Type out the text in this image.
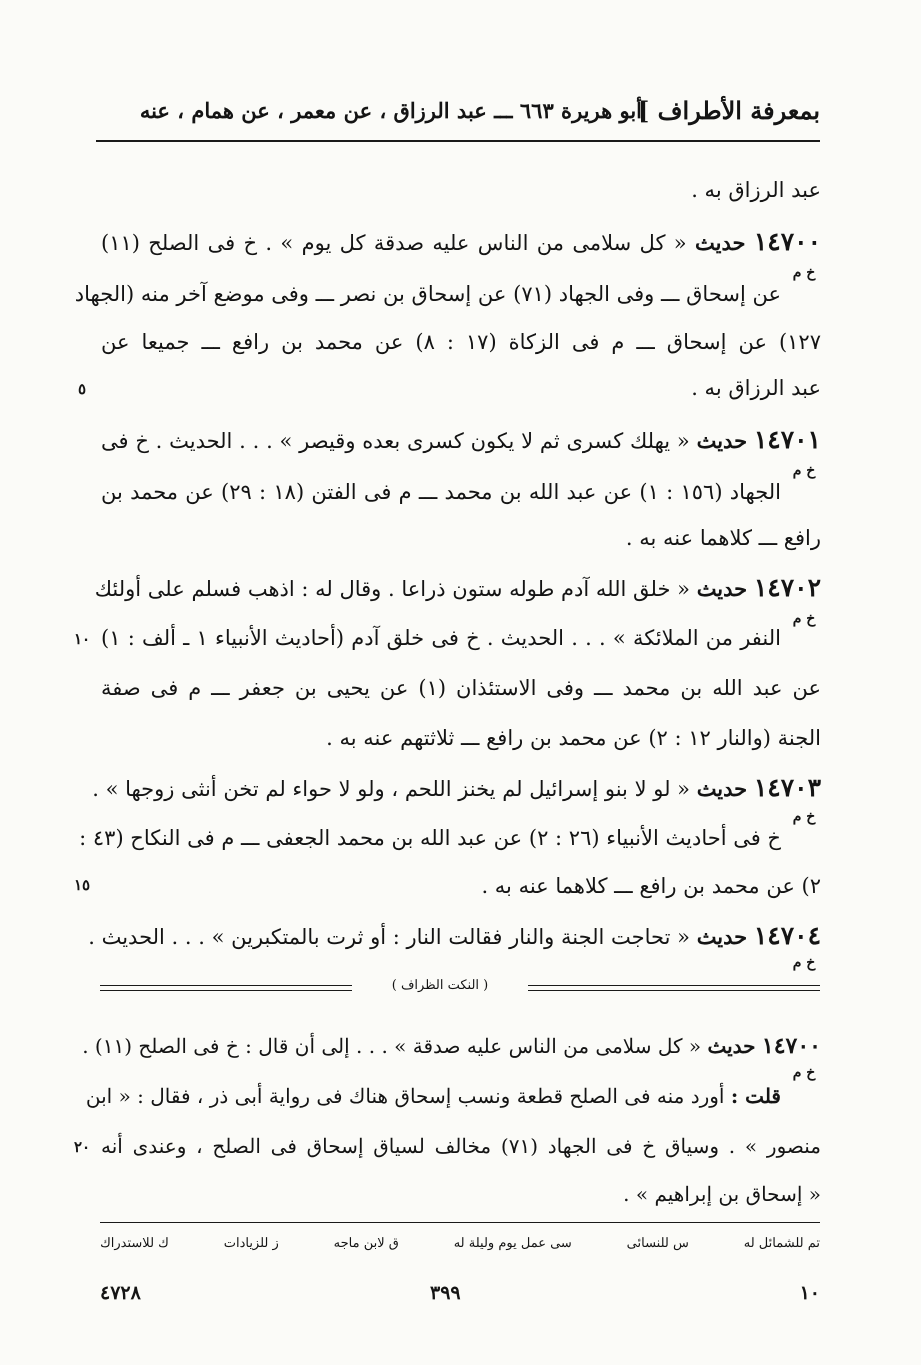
بمعرفة الأطراف ]
أبو هريرة ٦٦٣ ـــ عبد الرزاق ، عن معمر ، عن همام ، عنه
عبد الرزاق به .
١٤٧٠٠ حديث « كل سلامى من الناس عليه صدقة كل يوم » . خ فى الصلح (١١)
خ م
عن إسحاق ـــ وفى الجهاد (٧١) عن إسحاق بن نصر ـــ وفى موضع آخر منه (الجهاد
١٢٧) عن إسحاق ـــ م فى الزكاة (١٧ : ٨) عن محمد بن رافع ـــ جميعا عن
عبد الرزاق به .
٥
١٤٧٠١ حديث « يهلك كسرى ثم لا يكون كسرى بعده وقيصر » . . . الحديث . خ فى
خ م
الجهاد (١٥٦ : ١) عن عبد الله بن محمد ـــ م فى الفتن (١٨ : ٢٩) عن محمد بن
رافع ـــ كلاهما عنه به .
١٤٧٠٢ حديث « خلق الله آدم طوله ستون ذراعا . وقال له : اذهب فسلم على أولئك
خ م
النفر من الملائكة » . . . الحديث . خ فى خلق آدم (أحاديث الأنبياء ١ ـ ألف : ١)
١٠
عن عبد الله بن محمد ـــ وفى الاستئذان (١) عن يحيى بن جعفر ـــ م فى صفة
الجنة (والنار ١٢ : ٢) عن محمد بن رافع ـــ ثلاثتهم عنه به .
١٤٧٠٣ حديث « لو لا بنو إسرائيل لم يخنز اللحم ، ولو لا حواء لم تخن أنثى زوجها » .
خ م
خ فى أحاديث الأنبياء (٢٦ : ٢) عن عبد الله بن محمد الجعفى ـــ م فى النكاح (٤٣ :
٢) عن محمد بن رافع ـــ كلاهما عنه به .
١٥
١٤٧٠٤ حديث « تحاجت الجنة والنار فقالت النار : أو ثرت بالمتكبرين » . . . الحديث .
خ م
( النكت الظراف )
١٤٧٠٠ حديث « كل سلامى من الناس عليه صدقة » . . . إلى أن قال : خ فى الصلح (١١) .
خ م
قلت : أورد منه فى الصلح قطعة ونسب إسحاق هناك فى رواية أبى ذر ، فقال : « ابن
منصور » . وسياق خ فى الجهاد (٧١) مخالف لسياق إسحاق فى الصلح ، وعندى أنه
٢٠
« إسحاق بن إبراهيم » .
تم للشمائل له
س للنسائى
سى عمل يوم وليلة له
ق لابن ماجه
ز للزيادات
ك للاستدراك
١٠
٣٩٩
٤٧٢٨
